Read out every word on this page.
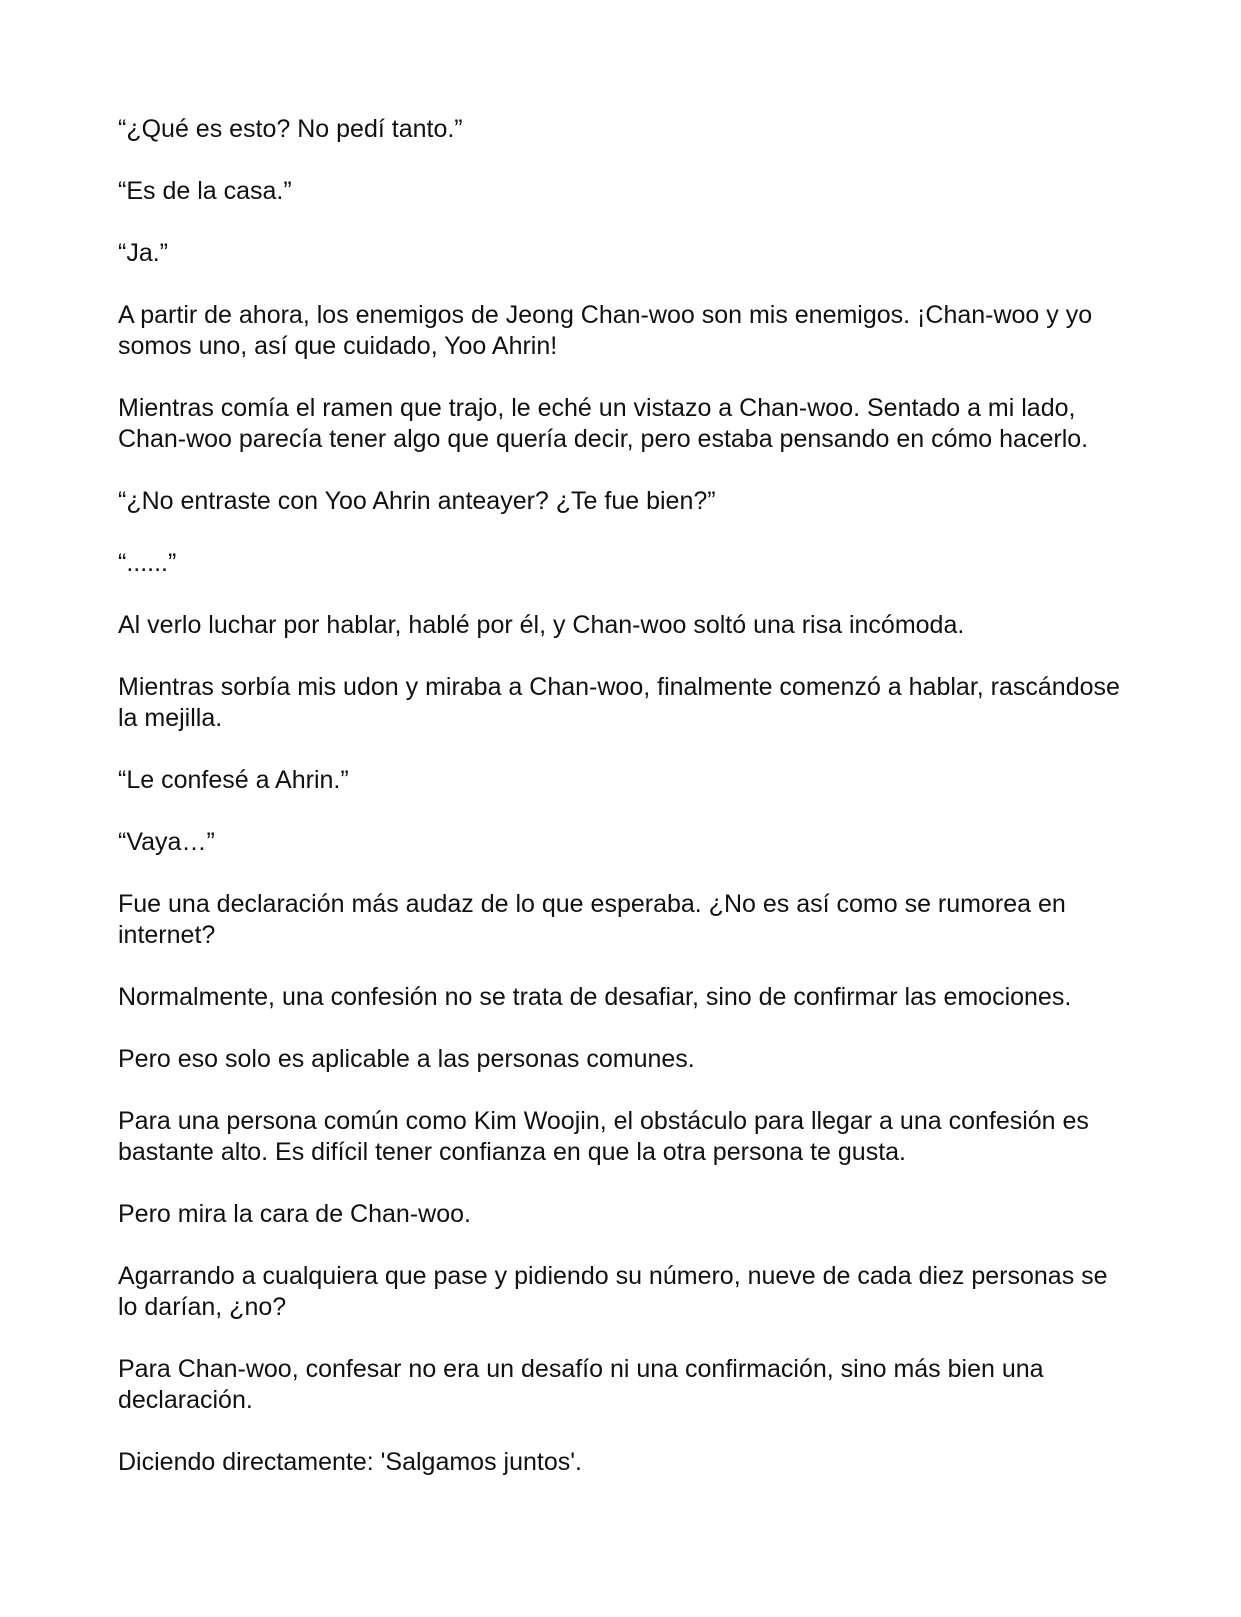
“¿Qué es esto? No pedí tanto.”

“Es de la casa.”

“Ja.”

A partir de ahora, los enemigos de Jeong Chan-woo son mis enemigos. ¡Chan-woo y yo somos uno, así que cuidado, Yoo Ahrin!

Mientras comía el ramen que trajo, le eché un vistazo a Chan-woo. Sentado a mi lado, Chan-woo parecía tener algo que quería decir, pero estaba pensando en cómo hacerlo.

“¿No entraste con Yoo Ahrin anteayer? ¿Te fue bien?”

“......”

Al verlo luchar por hablar, hablé por él, y Chan-woo soltó una risa incómoda.

Mientras sorbía mis udon y miraba a Chan-woo, finalmente comenzó a hablar, rascándose la mejilla.

“Le confesé a Ahrin.”

“Vaya…”

Fue una declaración más audaz de lo que esperaba. ¿No es así como se rumorea en internet?

Normalmente, una confesión no se trata de desafiar, sino de confirmar las emociones.

Pero eso solo es aplicable a las personas comunes.

Para una persona común como Kim Woojin, el obstáculo para llegar a una confesión es bastante alto. Es difícil tener confianza en que la otra persona te gusta.

Pero mira la cara de Chan-woo.

Agarrando a cualquiera que pase y pidiendo su número, nueve de cada diez personas se lo darían, ¿no?

Para Chan-woo, confesar no era un desafío ni una confirmación, sino más bien una declaración.

Diciendo directamente: 'Salgamos juntos'.
